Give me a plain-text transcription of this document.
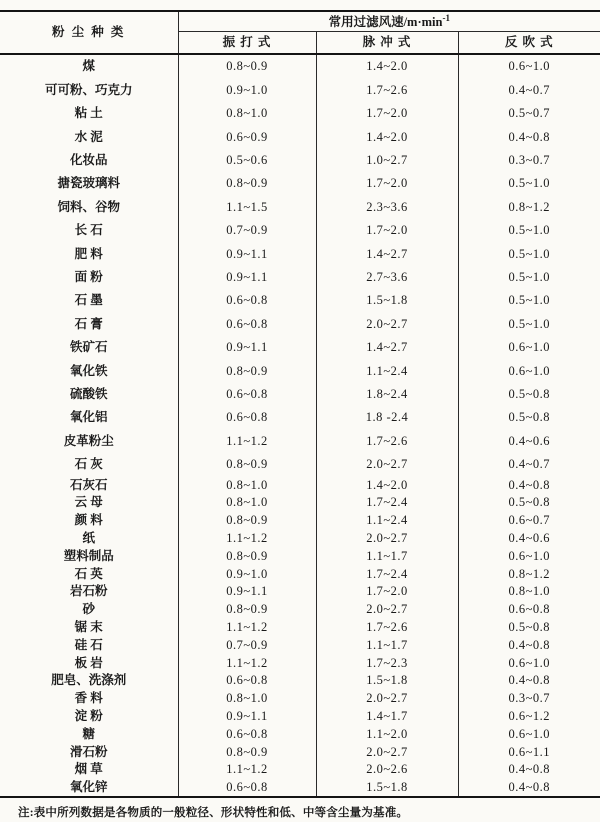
粉 尘 种 类	常用过滤风速$/m\cdot\min^{-1}$
	振 打 式	脉 冲 式	反 吹 式
煤	0.8~0.9	1.4~2.0	0.6~1.0
可可粉、巧克力	0.9~1.0	1.7~2.6	0.4~0.7
粘 土	0.8~1.0	1.7~2.0	0.5~0.7
水 泥	0.6~0.9	1.4~2.0	0.4~0.8
化妆品	0.5~0.6	1.0~2.7	0.3~0.7
搪瓷玻璃料	0.8~0.9	1.7~2.0	0.5~1.0
饲料、谷物	1.1~1.5	2.3~3.6	0.8~1.2
长 石	0.7~0.9	1.7~2.0	0.5~1.0
肥 料	0.9~1.1	1.4~2.7	0.5~1.0
面 粉	0.9~1.1	2.7~3.6	0.5~1.0
石 墨	0.6~0.8	1.5~1.8	0.5~1.0
石 膏	0.6~0.8	2.0~2.7	0.5~1.0
铁矿石	0.9~1.1	1.4~2.7	0.6~1.0
氧化铁	0.8~0.9	1.1~2.4	0.6~1.0
硫酸铁	0.6~0.8	1.8~2.4	0.5~0.8
氧化铝	0.6~0.8	1.8 -2.4	0.5~0.8
皮革粉尘	1.1~1.2	1.7~2.6	0.4~0.6
石 灰	0.8~0.9	2.0~2.7	0.4~0.7
石灰石	0.8~1.0	1.4~2.0	0.4~0.8
云 母	0.8~1.0	1.7~2.4	0.5~0.8
颜 料	0.8~0.9	1.1~2.4	0.6~0.7
纸	1.1~1.2	2.0~2.7	0.4~0.6
塑料制品	0.8~0.9	1.1~1.7	0.6~1.0
石 英	0.9~1.0	1.7~2.4	0.8~1.2
岩石粉	0.9~1.1	1.7~2.0	0.8~1.0
砂	0.8~0.9	2.0~2.7	0.6~0.8
锯 末	1.1~1.2	1.7~2.6	0.5~0.8
硅 石	0.7~0.9	1.1~1.7	0.4~0.8
板 岩	1.1~1.2	1.7~2.3	0.6~1.0
肥皂、洗涤剂	0.6~0.8	1.5~1.8	0.4~0.8
香 料	0.8~1.0	2.0~2.7	0.3~0.7
淀 粉	0.9~1.1	1.4~1.7	0.6~1.2
糖	0.6~0.8	1.1~2.0	0.6~1.0
滑石粉	0.8~0.9	2.0~2.7	0.6~1.1
烟 草	1.1~1.2	2.0~2.6	0.4~0.8
氧化锌	0.6~0.8	1.5~1.8	0.4~0.8
注:表中所列数据是各物质的一般粒径、形状特性和低、中等含尘量为基准。
